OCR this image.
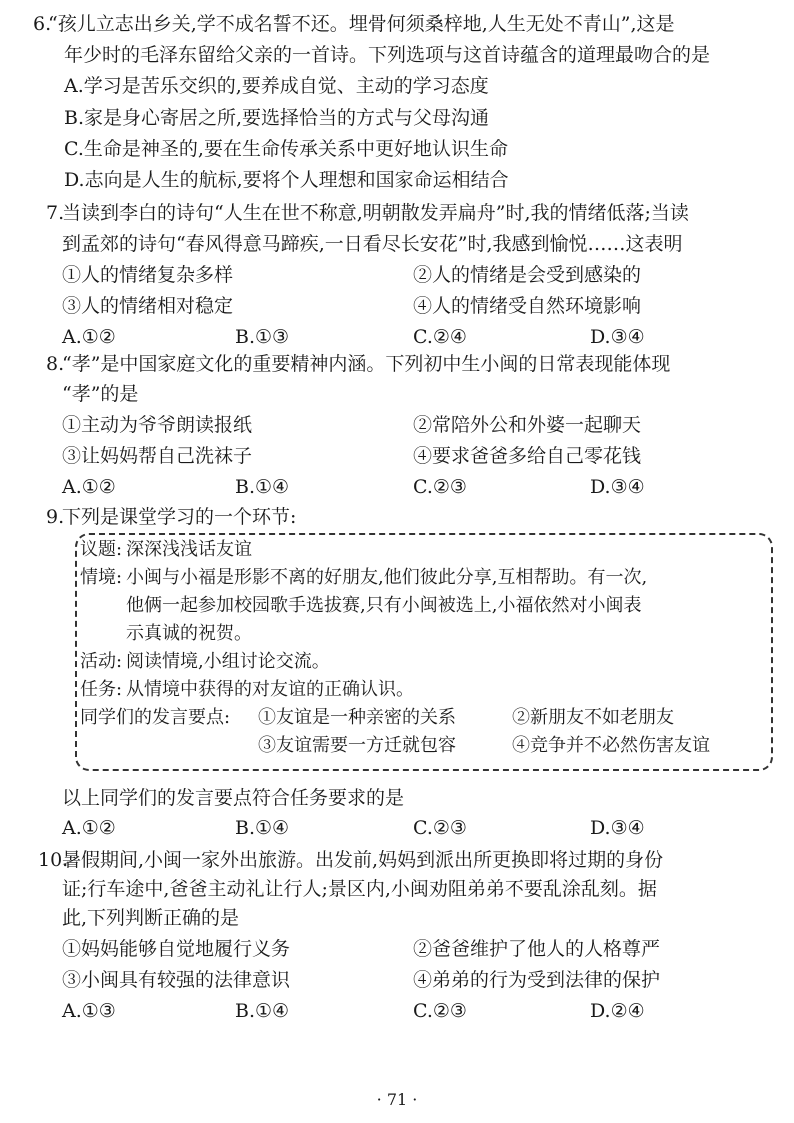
6.
“孩儿立志出乡关,学不成名誓不还。埋骨何须桑梓地,人生无处不青山”,这是
年少时的毛泽东留给父亲的一首诗。下列选项与这首诗蕴含的道理最吻合的是
A.学习是苦乐交织的,要养成自觉、主动的学习态度
B.家是身心寄居之所,要选择恰当的方式与父母沟通
C.生命是神圣的,要在生命传承关系中更好地认识生命
D.志向是人生的航标,要将个人理想和国家命运相结合
7.
当读到李白的诗句“人生在世不称意,明朝散发弄扁舟”时,我的情绪低落;当读
到孟郊的诗句“春风得意马蹄疾,一日看尽长安花”时,我感到愉悦……这表明
①人的情绪复杂多样	②人的情绪是会受到感染的
③人的情绪相对稳定	④人的情绪受自然环境影响
A.①②	B.①③	C.②④	D.③④
8.
“孝”是中国家庭文化的重要精神内涵。下列初中生小闽的日常表现能体现
“孝”的是
①主动为爷爷朗读报纸	②常陪外公和外婆一起聊天
③让妈妈帮自己洗袜子	④要求爸爸多给自己零花钱
A.①②	B.①④	C.②③	D.③④
9.
下列是课堂学习的一个环节:
议题: 深深浅浅话友谊
情境: 小闽与小福是形影不离的好朋友,他们彼此分享,互相帮助。有一次,
他俩一起参加校园歌手选拔赛,只有小闽被选上,小福依然对小闽表
示真诚的祝贺。
活动: 阅读情境,小组讨论交流。
任务: 从情境中获得的对友谊的正确认识。
同学们的发言要点: ①友谊是一种亲密的关系	②新朋友不如老朋友
③友谊需要一方迁就包容	④竞争并不必然伤害友谊
以上同学们的发言要点符合任务要求的是
A.①②	B.①④	C.②③	D.③④
10.
暑假期间,小闽一家外出旅游。出发前,妈妈到派出所更换即将过期的身份
证;行车途中,爸爸主动礼让行人;景区内,小闽劝阻弟弟不要乱涂乱刻。据
此,下列判断正确的是
①妈妈能够自觉地履行义务	②爸爸维护了他人的人格尊严
③小闽具有较强的法律意识	④弟弟的行为受到法律的保护
A.①③	B.①④	C.②③	D.②④
· 71 ·
